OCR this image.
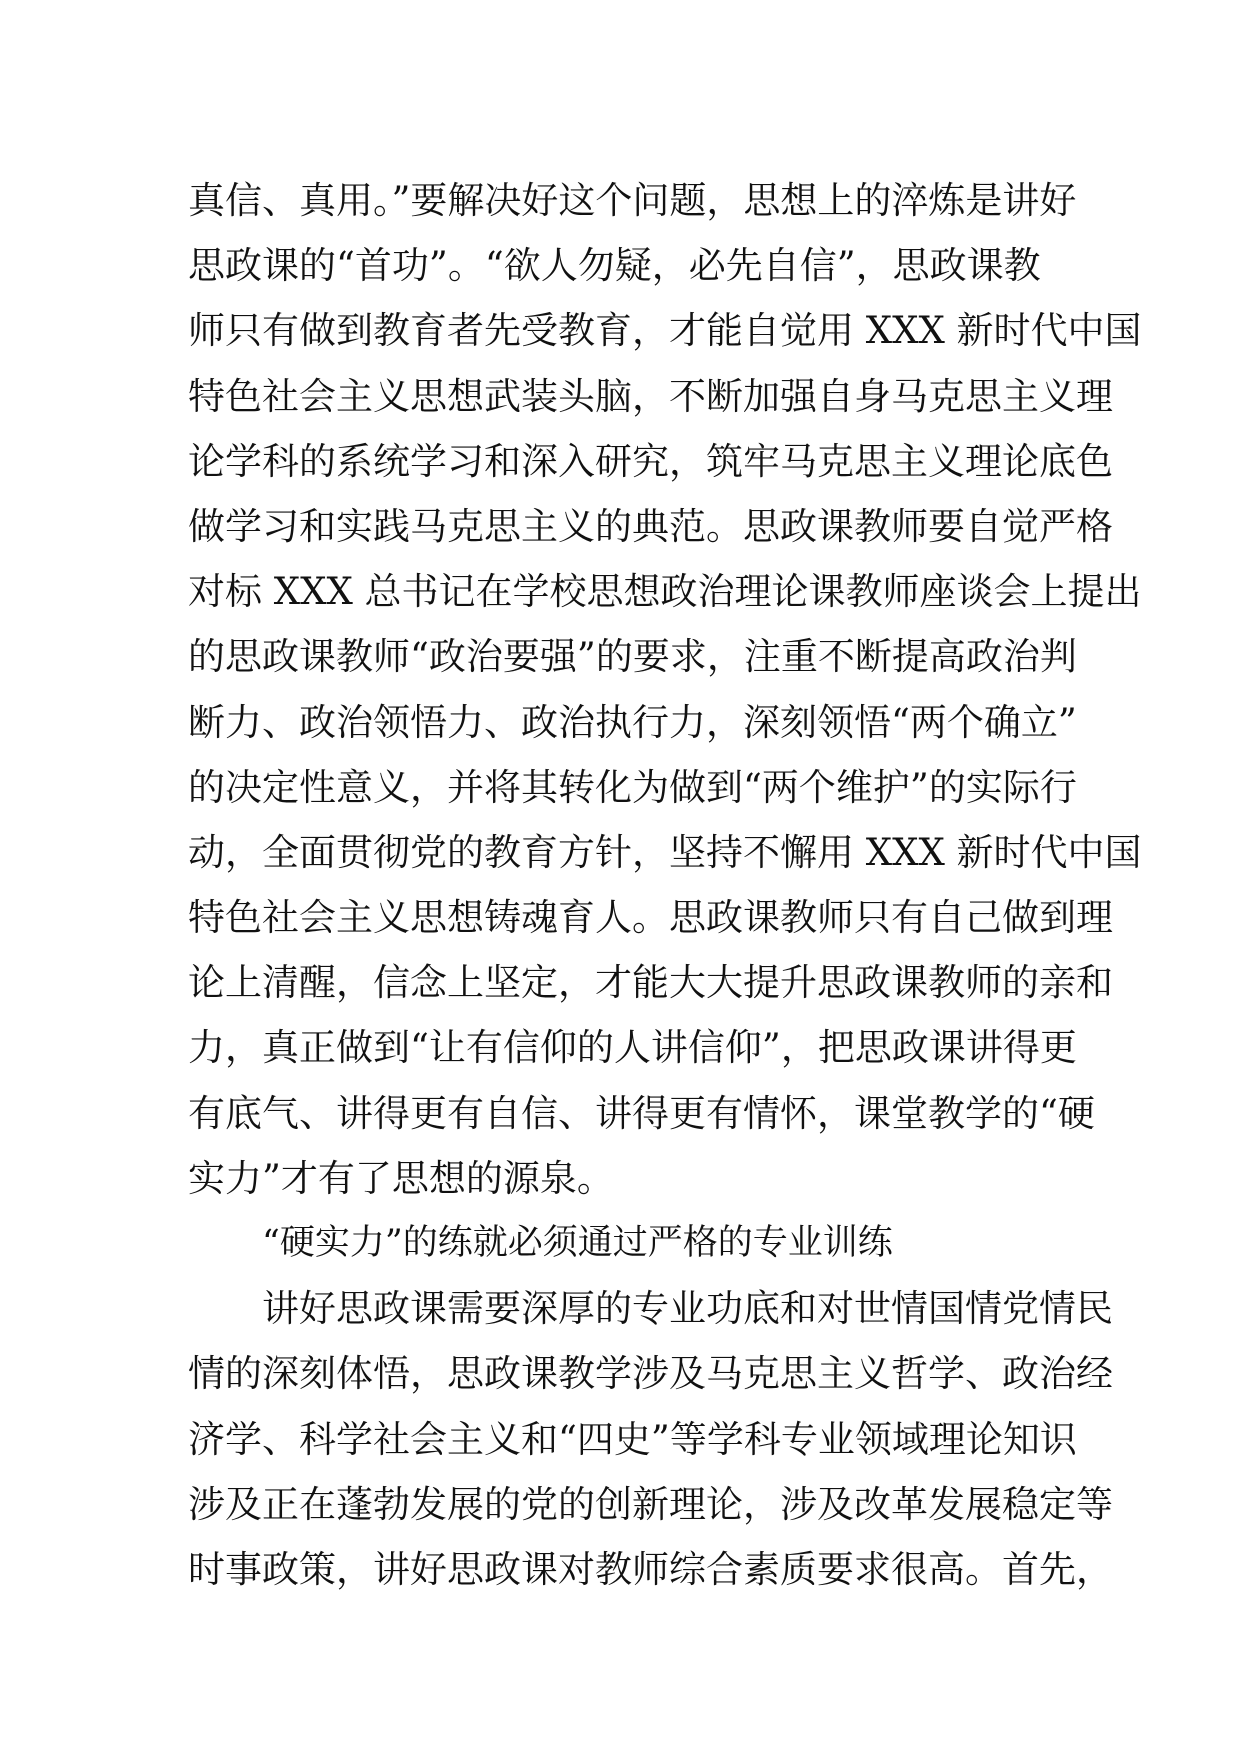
真信、真用。”要解决好这个问题，思想上的淬炼是讲好
思政课的“首功”。“欲人勿疑，必先自信”，思政课教
师只有做到教育者先受教育，才能自觉用 XXX 新时代中国
特色社会主义思想武装头脑，不断加强自身马克思主义理
论学科的系统学习和深入研究，筑牢马克思主义理论底色
做学习和实践马克思主义的典范。思政课教师要自觉严格
对标 XXX 总书记在学校思想政治理论课教师座谈会上提出
的思政课教师“政治要强”的要求，注重不断提高政治判
断力、政治领悟力、政治执行力，深刻领悟“两个确立”
的决定性意义，并将其转化为做到“两个维护”的实际行
动，全面贯彻党的教育方针，坚持不懈用 XXX 新时代中国
特色社会主义思想铸魂育人。思政课教师只有自己做到理
论上清醒，信念上坚定，才能大大提升思政课教师的亲和
力，真正做到“让有信仰的人讲信仰”，把思政课讲得更
有底气、讲得更有自信、讲得更有情怀，课堂教学的“硬
实力”才有了思想的源泉。
“硬实力”的练就必须通过严格的专业训练
讲好思政课需要深厚的专业功底和对世情国情党情民
情的深刻体悟，思政课教学涉及马克思主义哲学、政治经
济学、科学社会主义和“四史”等学科专业领域理论知识
涉及正在蓬勃发展的党的创新理论，涉及改革发展稳定等
时事政策，讲好思政课对教师综合素质要求很高。首先，
